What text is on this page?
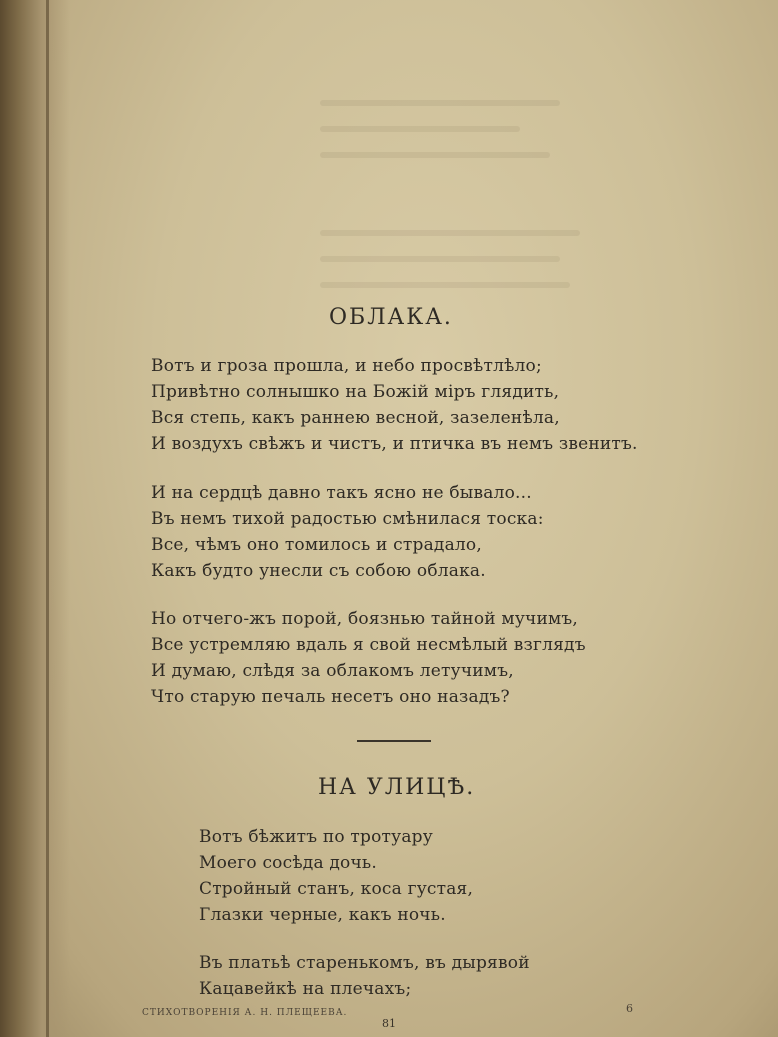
ОБЛАКА.
Вотъ и гроза прошла, и небо просвѣтлѣло;
Привѣтно солнышко на Божій міръ глядить,
Вся степь, какъ раннею весной, зазеленѣла,
И воздухъ свѣжъ и чистъ, и птичка въ немъ звенитъ.
И на сердцѣ давно такъ ясно не бывало...
Въ немъ тихой радостью смѣнилася тоска:
Все, чѣмъ оно томилось и страдало,
Какъ будто унесли съ собою облака.
Но отчего-жъ порой, боязнью тайной мучимъ,
Все устремляю вдаль я свой несмѣлый взглядъ
И думаю, слѣдя за облакомъ летучимъ,
Что старую печаль несетъ оно назадъ?
НА УЛИЦѢ.
Вотъ бѣжитъ по тротуару
Моего сосѣда дочь.
Стройный станъ, коса густая,
Глазки черные, какъ ночь.
Въ платьѣ старенькомъ, въ дырявой
Кацавейкѣ на плечахъ;
СТИХОТВОРЕНІЯ А. Н. ПЛЕЩЕЕВА.	6
81
